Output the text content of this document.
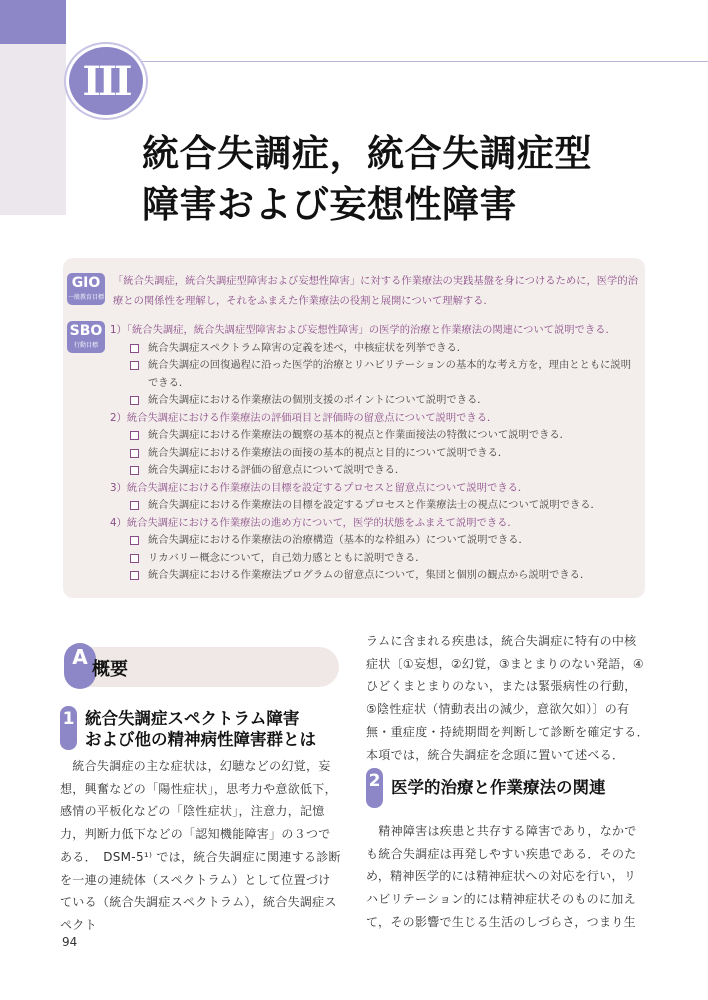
III
統合失調症，統合失調症型
障害および妄想性障害
GIO
一般教育目標
「統合失調症，統合失調症型障害および妄想性障害」に対する作業療法の実践基盤を身につけるために，医学的治療との関係性を理解し，それをふまえた作業療法の役割と展開について理解する．
SBO
行動目標
1）「統合失調症，統合失調症型障害および妄想性障害」の医学的治療と作業療法の関連について説明できる．
統合失調症スペクトラム障害の定義を述べ，中核症状を列挙できる．
統合失調症の回復過程に沿った医学的治療とリハビリテーションの基本的な考え方を，理由とともに説明できる．
統合失調症における作業療法の個別支援のポイントについて説明できる．
2）統合失調症における作業療法の評価項目と評価時の留意点について説明できる．
統合失調症における作業療法の観察の基本的視点と作業面接法の特徴について説明できる．
統合失調症における作業療法の面接の基本的視点と目的について説明できる．
統合失調症における評価の留意点について説明できる．
3）統合失調症における作業療法の目標を設定するプロセスと留意点について説明できる．
統合失調症における作業療法の目標を設定するプロセスと作業療法士の視点について説明できる．
4）統合失調症における作業療法の進め方について，医学的状態をふまえて説明できる．
統合失調症における作業療法の治療構造（基本的な枠組み）について説明できる．
リカバリー概念について，自己効力感とともに説明できる．
統合失調症における作業療法プログラムの留意点について，集団と個別の観点から説明できる．
A
概要
1 統合失調症スペクトラム障害
および他の精神病性障害群とは
　統合失調症の主な症状は，幻聴などの幻覚，妄想，興奮などの「陽性症状」，思考力や意欲低下，感情の平板化などの「陰性症状」，注意力，記憶力，判断力低下などの「認知機能障害」の３つである．　DSM-5¹⁾ では，統合失調症に関連する診断を一連の連続体（スペクトラム）として位置づけている（統合失調症スペクトラム），統合失調症スペクト
ラムに含まれる疾患は，統合失調症に特有の中核症状〔①妄想，②幻覚，③まとまりのない発語，④ひどくまとまりのない，または緊張病性の行動，⑤陰性症状（情動表出の減少，意欲欠如）〕の有無・重症度・持続期間を判断して診断を確定する．　本項では，統合失調症を念頭に置いて述べる．
2 医学的治療と作業療法の関連
　精神障害は疾患と共存する障害であり，なかでも統合失調症は再発しやすい疾患である．そのため，精神医学的には精神症状への対応を行い，リハビリテーション的には精神症状そのものに加えて，その影響で生じる生活のしづらさ，つまり生
94
